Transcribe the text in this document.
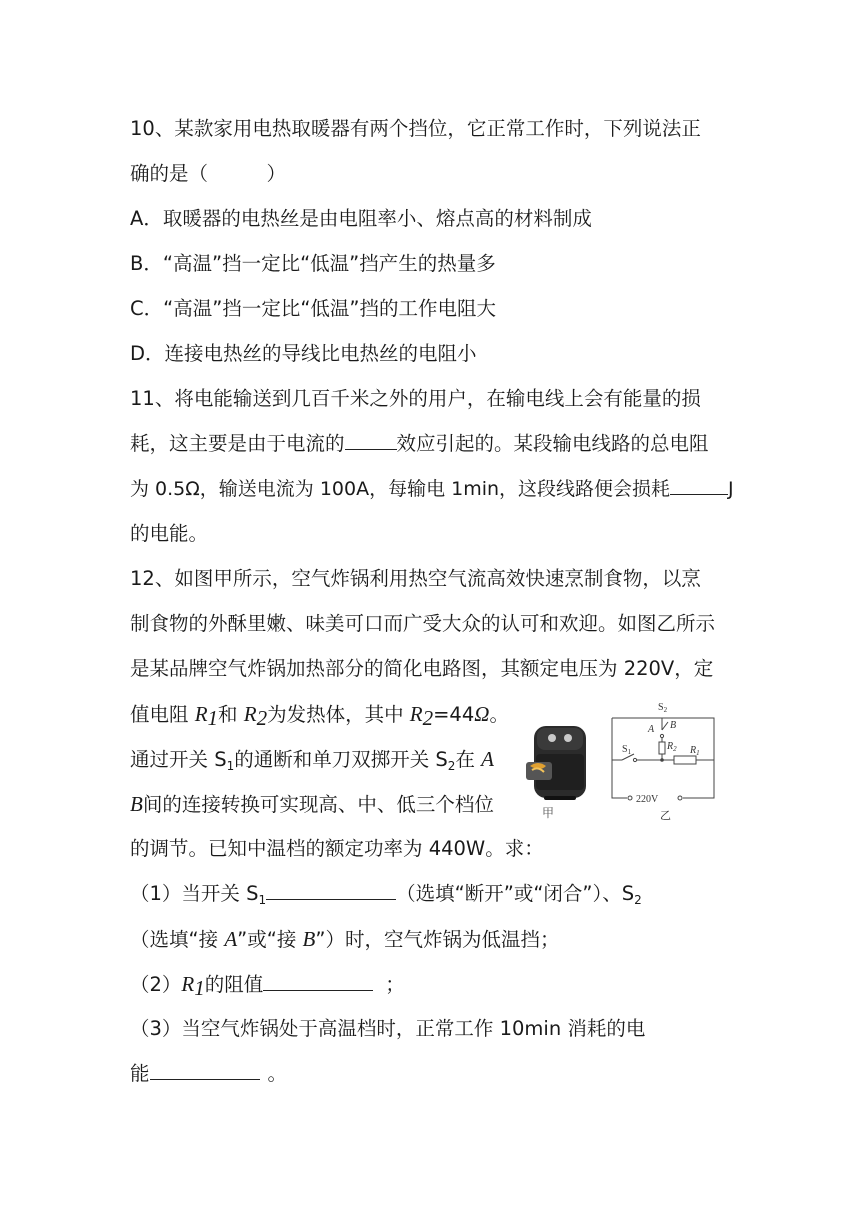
10、某款家用电热取暖器有两个挡位，它正常工作时，下列说法正
确的是（　　　）
A．取暖器的电热丝是由电阻率小、熔点高的材料制成
B．“高温”挡一定比“低温”挡产生的热量多
C．“高温”挡一定比“低温”挡的工作电阻大
D．连接电热丝的导线比电热丝的电阻小
11、将电能输送到几百千米之外的用户，在输电线上会有能量的损
耗，这主要是由于电流的	效应引起的。某段输电线路的总电阻
为 0.5Ω，输送电流为 100A，每输电 1min，这段线路便会损耗	J
的电能。
12、如图甲所示，空气炸锅利用热空气流高效快速烹制食物，以烹
制食物的外酥里嫩、味美可口而广受大众的认可和欢迎。如图乙所示
是某品牌空气炸锅加热部分的简化电路图，其额定电压为 220V，定
值电阻 $R_1$和 $R_2$为发热体，其中 $R_2=44\Omega$。
通过开关 $S_1$的通断和单刀双掷开关 $S_2$在 A
B间的连接转换可实现高、中、低三个档位
的调节。已知中温档的额定功率为 440W。求：
（1）当开关 $S_1$	（选填“断开”或“闭合”）、$S_2$
（选填“接 A”或“接 B”）时，空气炸锅为低温挡；
$(2)R_1$的阻值	；
（3）当空气炸锅处于高温档时，正常工作 10min 消耗的电
能	。
甲
$S_2$
A B
$S_1$	$R_2$ $R_1$
220V
乙
